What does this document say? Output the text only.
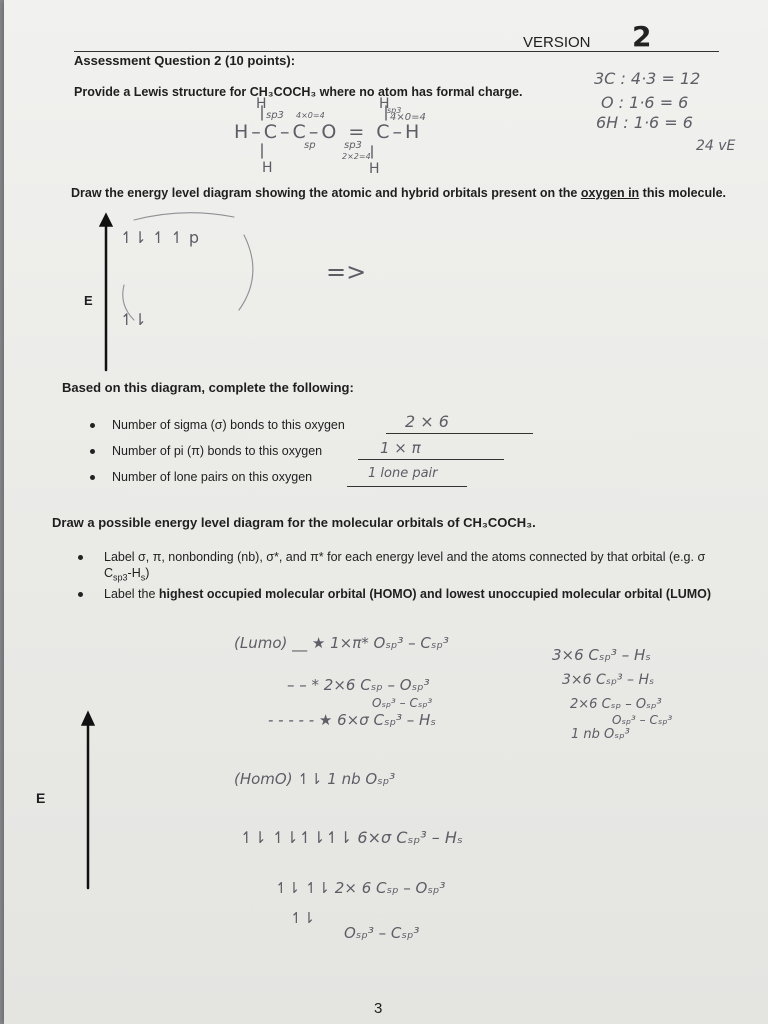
VERSION 2
Assessment Question 2 (10 points):
Provide a Lewis structure for CH₃COCH₃ where no atom has formal charge.
3C : 4·3 = 12
O : 1·6 = 6
6H : 1·6 = 6
24 vE
H	H
H–C–C–O = C–H
H	H
sp3 4×0=4
sp	sp3
4×0=4
sp3
2×2=4
Draw the energy level diagram showing the atomic and hybrid orbitals present on the oxygen in this molecule.
E
↿⇂ ↿ ↿ p
↿⇂
=>
Based on this diagram, complete the following:
Number of sigma (σ) bonds to this oxygen	2 × 6
Number of pi (π) bonds to this oxygen	1 × π
Number of lone pairs on this oxygen	1 lone pair
Draw a possible energy level diagram for the molecular orbitals of CH₃COCH₃.
Label σ, π, nonbonding (nb), σ*, and π* for each energy level and the atoms connected by that orbital (e.g. σ $C_{sp3}-H_s$)
Label the highest occupied molecular orbital (HOMO) and lowest unoccupied molecular orbital (LUMO)
E
(Lumo) __ ★ 1×π* Oₛₚ³ – Cₛₚ³
– – * 2×6 Cₛₚ – Oₛₚ³
Oₛₚ³ – Cₛₚ³
- - - - - ★ 6×σ Cₛₚ³ – Hₛ
(HomO) ↿⇂ 1 nb Oₛₚ³
↿⇂ ↿⇂↿⇂↿⇂ 6×σ Cₛₚ³ – Hₛ
↿⇂ ↿⇂ 2× 6 Cₛₚ – Oₛₚ³
↿⇂
Oₛₚ³ – Cₛₚ³
3×6 Cₛₚ³ – Hₛ
3×6 Cₛₚ³ – Hₛ
2×6 Cₛₚ – Oₛₚ³
Oₛₚ³ – Cₛₚ³
1 nb Oₛₚ³
3
